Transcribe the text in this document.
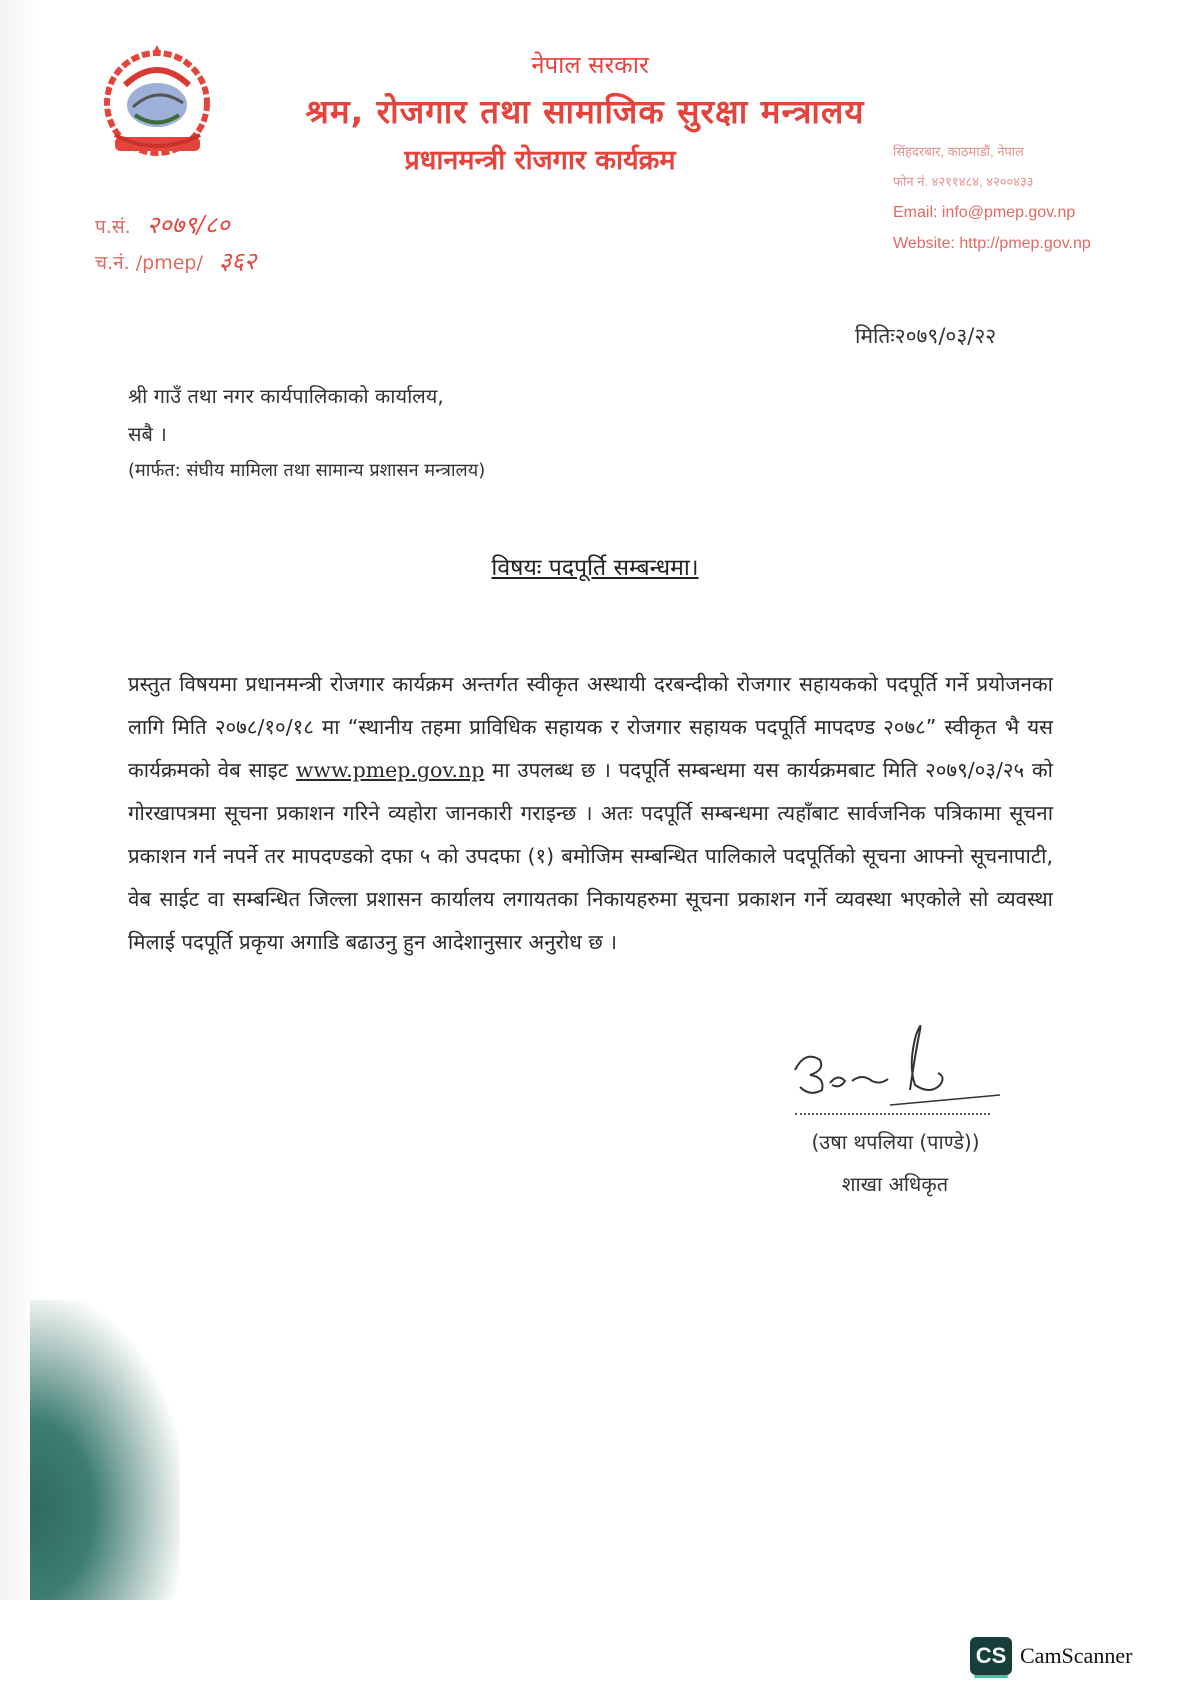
नेपाल सरकार
श्रम, रोजगार तथा सामाजिक सुरक्षा मन्त्रालय
प्रधानमन्त्री रोजगार कार्यक्रम	सिंहदरबार, काठमाडौं, नेपाल
फोन नं. ४२११४८४, ४२००४३३
Email: info@pmep.gov.np
Website: http://pmep.gov.np
प.सं. २०७९/८०
च.नं. /pmep/ ३६२
मितिः२०७९/०३/२२
श्री गाउँ तथा नगर कार्यपालिकाको कार्यालय,
सबै ।
(मार्फत: संघीय मामिला तथा सामान्य प्रशासन मन्त्रालय)
विषयः पदपूर्ति सम्बन्धमा।
प्रस्तुत विषयमा प्रधानमन्त्री रोजगार कार्यक्रम अन्तर्गत स्वीकृत अस्थायी दरबन्दीको रोजगार सहायकको पदपूर्ति गर्ने प्रयोजनका लागि मिति २०७८/१०/१८ मा “स्थानीय तहमा प्राविधिक सहायक र रोजगार सहायक पदपूर्ति मापदण्ड २०७८” स्वीकृत भै यस कार्यक्रमको वेब साइट www.pmep.gov.np मा उपलब्ध छ । पदपूर्ति सम्बन्धमा यस कार्यक्रमबाट मिति २०७९/०३/२५ को गोरखापत्रमा सूचना प्रकाशन गरिने व्यहोरा जानकारी गराइन्छ । अतः पदपूर्ति सम्बन्धमा त्यहाँबाट सार्वजनिक पत्रिकामा सूचना प्रकाशन गर्न नपर्ने तर मापदण्डको दफा ५ को उपदफा (१) बमोजिम सम्बन्धित पालिकाले पदपूर्तिको सूचना आफ्नो सूचनापाटी, वेब साईट वा सम्बन्धित जिल्ला प्रशासन कार्यालय लगायतका निकायहरुमा सूचना प्रकाशन गर्ने व्यवस्था भएकोले सो व्यवस्था मिलाई पदपूर्ति प्रकृया अगाडि बढाउनु हुन आदेशानुसार अनुरोध छ ।
(उषा थपलिया (पाण्डे))
शाखा अधिकृत
CS CamScanner
